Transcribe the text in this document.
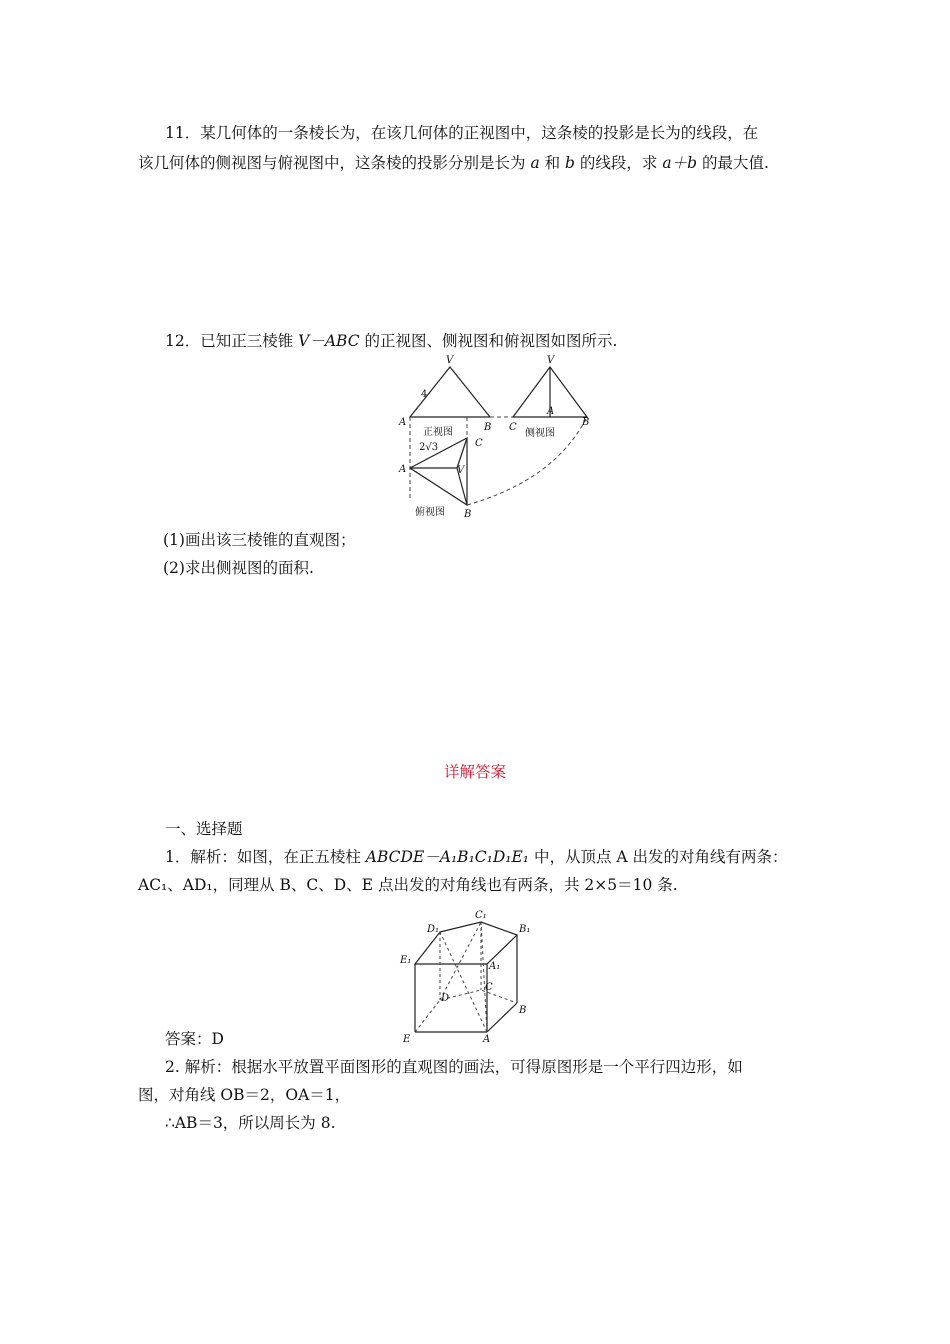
11．某几何体的一条棱长为，在该几何体的正视图中，这条棱的投影是长为的线段，在
该几何体的侧视图与俯视图中，这条棱的投影分别是长为 a 和 b 的线段，求 a＋b 的最大值.
12．已知正三棱锥 V－ABC 的正视图、侧视图和俯视图如图所示.
V
A	B
4
正视图
V
C
A
B
侧视图
2√3
A
C
V
B
俯视图
(1)画出该三棱锥的直观图；
(2)求出侧视图的面积.
详解答案
一、选择题
1．解析：如图，在正五棱柱 ABCDE－A₁B₁C₁D₁E₁ 中，从顶点 A 出发的对角线有两条：
AC₁、AD₁，同理从 B、C、D、E 点出发的对角线也有两条，共 2×5＝10 条.
D₁
C₁
B₁
E₁
A₁
C
D
B
E	A
答案：D
2. 解析：根据水平放置平面图形的直观图的画法，可得原图形是一个平行四边形，如
图，对角线 OB＝2，OA＝1，
∴AB＝3，所以周长为 8.
